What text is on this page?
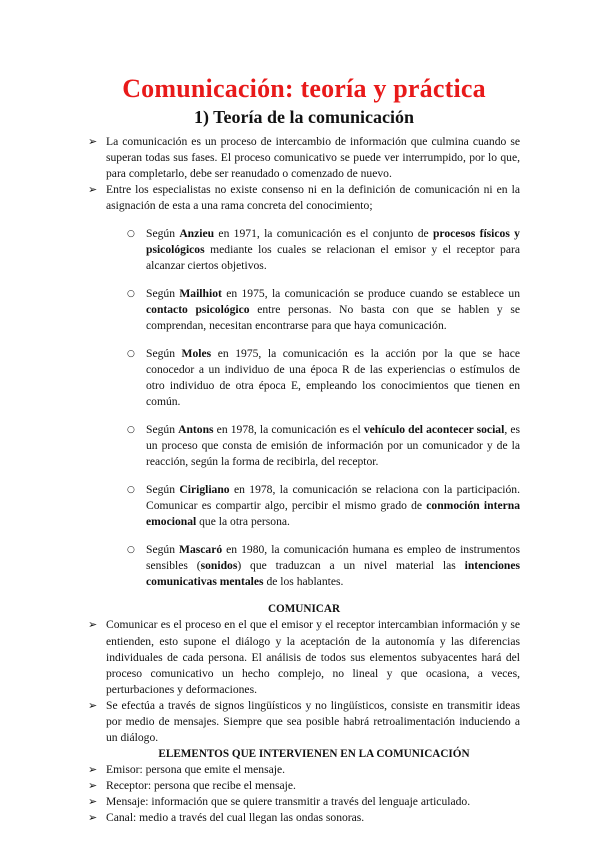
Comunicación: teoría y práctica
1) Teoría de la comunicación

➢ La comunicación es un proceso de intercambio de información que culmina cuando se superan todas sus fases. El proceso comunicativo se puede ver interrumpido, por lo que, para completarlo, debe ser reanudado o comenzado de nuevo.

➢ Entre los especialistas no existe consenso ni en la definición de comunicación ni en la asignación de esta a una rama concreta del conocimiento;

○ Según Anzieu en 1971, la comunicación es el conjunto de procesos físicos y psicológicos mediante los cuales se relacionan el emisor y el receptor para alcanzar ciertos objetivos.

○ Según Mailhiot en 1975, la comunicación se produce cuando se establece un contacto psicológico entre personas. No basta con que se hablen y se comprendan, necesitan encontrarse para que haya comunicación.

○ Según Moles en 1975, la comunicación es la acción por la que se hace conocedor a un individuo de una época R de las experiencias o estímulos de otro individuo de otra época E, empleando los conocimientos que tienen en común.

○ Según Antons en 1978, la comunicación es el vehículo del acontecer social, es un proceso que consta de emisión de información por un comunicador y de la reacción, según la forma de recibirla, del receptor.

○ Según Cirigliano en 1978, la comunicación se relaciona con la participación. Comunicar es compartir algo, percibir el mismo grado de conmoción interna emocional que la otra persona.

○ Según Mascaró en 1980, la comunicación humana es empleo de instrumentos sensibles (sonidos) que traduzcan a un nivel material las intenciones comunicativas mentales de los hablantes.

COMUNICAR

➢ Comunicar es el proceso en el que el emisor y el receptor intercambian información y se entienden, esto supone el diálogo y la aceptación de la autonomía y las diferencias individuales de cada persona. El análisis de todos sus elementos subyacentes hará del proceso comunicativo un hecho complejo, no lineal y que ocasiona, a veces, perturbaciones y deformaciones.

➢ Se efectúa a través de signos lingüísticos y no lingüísticos, consiste en transmitir ideas por medio de mensajes. Siempre que sea posible habrá retroalimentación induciendo a un diálogo.

ELEMENTOS QUE INTERVIENEN EN LA COMUNICACIÓN

➢ Emisor: persona que emite el mensaje.

➢ Receptor: persona que recibe el mensaje.

➢ Mensaje: información que se quiere transmitir a través del lenguaje articulado.

➢ Canal: medio a través del cual llegan las ondas sonoras.
